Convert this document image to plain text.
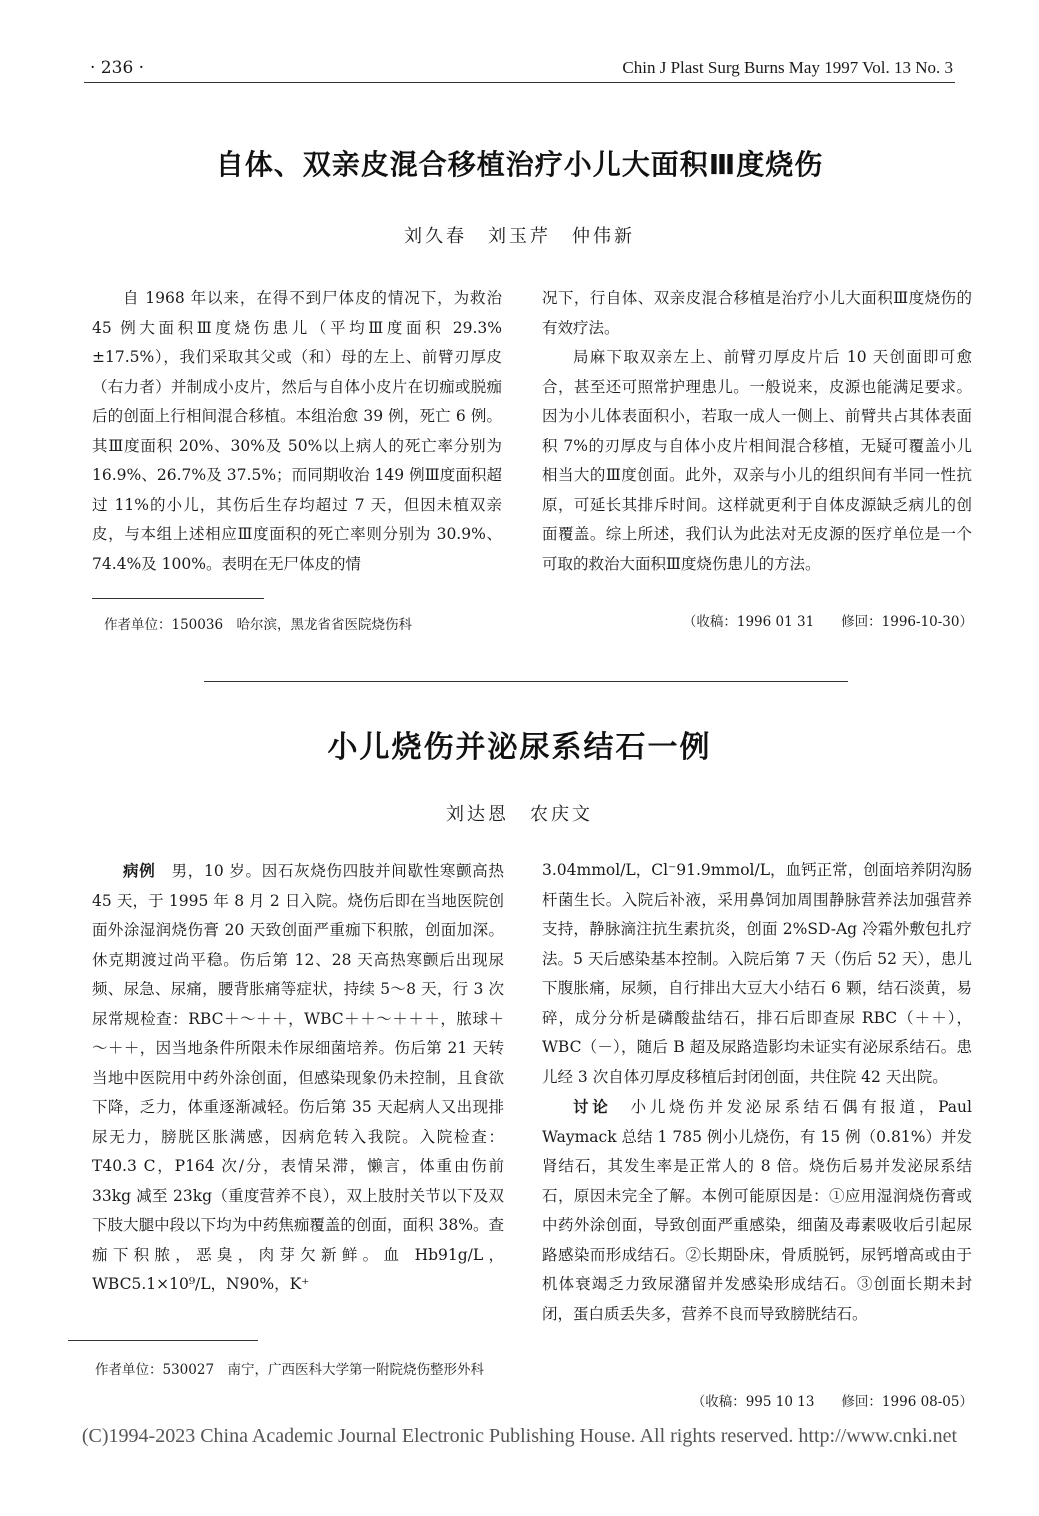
· 236 ·	Chin J Plast Surg Burns May 1997 Vol. 13 No. 3
自体、双亲皮混合移植治疗小儿大面积Ⅲ度烧伤
刘久春　刘玉芹　仲伟新

自 1968 年以来，在得不到尸体皮的情况下，为救治 45 例大面积Ⅲ度烧伤患儿（平均Ⅲ度面积 29.3%±17.5%），我们采取其父或（和）母的左上、前臂刃厚皮（右力者）并制成小皮片，然后与自体小皮片在切痂或脱痂后的创面上行相间混合移植。本组治愈 39 例，死亡 6 例。其Ⅲ度面积 20%、30%及 50%以上病人的死亡率分别为 16.9%、26.7%及 37.5%；而同期收治 149 例Ⅲ度面积超过 11%的小儿，其伤后生存均超过 7 天，但因未植双亲皮，与本组上述相应Ⅲ度面积的死亡率则分别为 30.9%、74.4%及 100%。表明在无尸体皮的情

况下，行自体、双亲皮混合移植是治疗小儿大面积Ⅲ度烧伤的有效疗法。

局麻下取双亲左上、前臂刃厚皮片后 10 天创面即可愈合，甚至还可照常护理患儿。一般说来，皮源也能满足要求。因为小儿体表面积小，若取一成人一侧上、前臂共占其体表面积 7%的刃厚皮与自体小皮片相间混合移植，无疑可覆盖小儿相当大的Ⅲ度创面。此外，双亲与小儿的组织间有半同一性抗原，可延长其排斥时间。这样就更利于自体皮源缺乏病儿的创面覆盖。综上所述，我们认为此法对无皮源的医疗单位是一个可取的救治大面积Ⅲ度烧伤患儿的方法。

作者单位：150036　哈尔滨，黑龙省省医院烧伤科	（收稿：1996 01 31　　修回：1996-10-30）
小儿烧伤并泌尿系结石一例
刘达恩　农庆文

病例　 男，10 岁。因石灰烧伤四肢并间歇性寒颤高热 45 天，于 1995 年 8 月 2 日入院。烧伤后即在当地医院创面外涂湿润烧伤膏 20 天致创面严重痂下积脓，创面加深。休克期渡过尚平稳。伤后第 12、28 天高热寒颤后出现尿频、尿急、尿痛，腰背胀痛等症状，持续 5～8 天，行 3 次尿常规检查：RBC＋～＋＋，WBC＋＋～＋＋＋，脓球＋～＋＋，因当地条件所限未作尿细菌培养。伤后第 21 天转当地中医院用中药外涂创面，但感染现象仍未控制，且食欲下降，乏力，体重逐渐减轻。伤后第 35 天起病人又出现排尿无力，膀胱区胀满感，因病危转入我院。入院检查：T40.3 C，P164 次/分，表情呆滞，懒言，体重由伤前 33kg 减至 23kg（重度营养不良），双上肢肘关节以下及双下肢大腿中段以下均为中药焦痂覆盖的创面，面积 38%。查痂下积脓，恶臭，肉芽欠新鲜。血 Hb91g/L，WBC5.1×10⁹/L，N90%，K⁺

3.04mmol/L，Cl⁻91.9mmol/L，血钙正常，创面培养阴沟肠杆菌生长。入院后补液，采用鼻饲加周围静脉营养法加强营养支持，静脉滴注抗生素抗炎，创面 2%SD-Ag 冷霜外敷包扎疗法。5 天后感染基本控制。入院后第 7 天（伤后 52 天），患儿下腹胀痛，尿频，自行排出大豆大小结石 6 颗，结石淡黄，易碎，成分分析是磷酸盐结石，排石后即查尿 RBC（＋＋），WBC（－），随后 B 超及尿路造影均未证实有泌尿系结石。患儿经 3 次自体刃厚皮移植后封闭创面，共住院 42 天出院。

讨论　 小儿烧伤并发泌尿系结石偶有报道，Paul Waymack 总结 1 785 例小儿烧伤，有 15 例（0.81%）并发肾结石，其发生率是正常人的 8 倍。烧伤后易并发泌尿系结石，原因未完全了解。本例可能原因是：①应用湿润烧伤膏或中药外涂创面，导致创面严重感染，细菌及毒素吸收后引起尿路感染而形成结石。②长期卧床，骨质脱钙，尿钙增高或由于机体衰竭乏力致尿潴留并发感染形成结石。③创面长期未封闭，蛋白质丢失多，营养不良而导致膀胱结石。

作者单位：530027　南宁，广西医科大学第一附院烧伤整形外科
（收稿：995 10 13　　修回：1996 08-05）
(C)1994-2023 China Academic Journal Electronic Publishing House. All rights reserved. http://www.cnki.net
